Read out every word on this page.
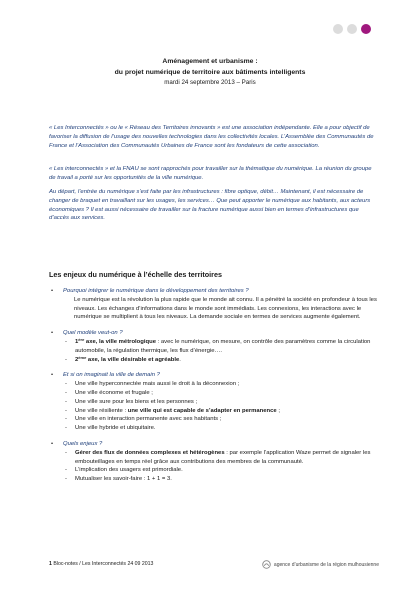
Aménagement et urbanisme :
du projet numérique de territoire aux bâtiments intelligents
mardi 24 septembre 2013 – Paris

« Les Interconnectés » ou le « Réseau des Territoires innovants » est une association indépendante. Elle a pour objectif de favoriser la diffusion de l’usage des nouvelles technologies dans les collectivités locales. L’Assemblée des Communautés de France et l’Association des Communautés Urbaines de France sont les fondateurs de cette association.

« Les interconnectés » et la FNAU se sont rapprochés pour travailler sur la thématique du numérique. La réunion du groupe de travail a porté sur les opportunités de la ville numérique.

Au départ, l’entrée du numérique s’est faite par les infrastructures : fibre optique, débit… Maintenant, il est nécessaire de changer de braquet en travaillant sur les usages, les services… Que peut apporter le numérique aux habitants, aux acteurs économiques ? Il est aussi nécessaire de travailler sur la fracture numérique aussi bien en termes d’infrastructures que d’accès aux services.

Les enjeux du numérique à l’échelle des territoires
• Pourquoi intégrer le numérique dans le développement des territoires ?
Le numérique est la révolution la plus rapide que le monde ait connu. Il a pénétré la société en profondeur à tous les niveaux. Les échanges d’informations dans le monde sont immédiats. Les connexions, les interactions avec le numérique se multiplient à tous les niveaux. La demande sociale en termes de services augmente également.
• Quel modèle veut-on ?
- 1ère axe, la ville métrologique : avec le numérique, on mesure, on contrôle des paramètres comme la circulation automobile, la régulation thermique, les flux d’énergie….
- 2ème axe, la ville désirable et agréable.
• Et si on imaginait la ville de demain ?
- Une ville hyperconnectée mais aussi le droit à la déconnexion ;
- Une ville économe et frugale ;
- Une ville sure pour les biens et les personnes ;
- Une ville résiliente : une ville qui est capable de s’adapter en permanence ;
- Une ville en interaction permanente avec ses habitants ;
- Une ville hybride et ubiquitaire.
• Quels enjeux ?
- Gérer des flux de données complexes et hétérogènes : par exemple l’application Waze permet de signaler les embouteillages en temps réel grâce aux contributions des membres de la communauté.
- L’implication des usagers est primordiale.
- Mutualiser les savoir-faire : 1 + 1 = 3.
1 Bloc-notes / Les Interconnectés 24 09 2013	agence d’urbanisme de la région mulhousienne
